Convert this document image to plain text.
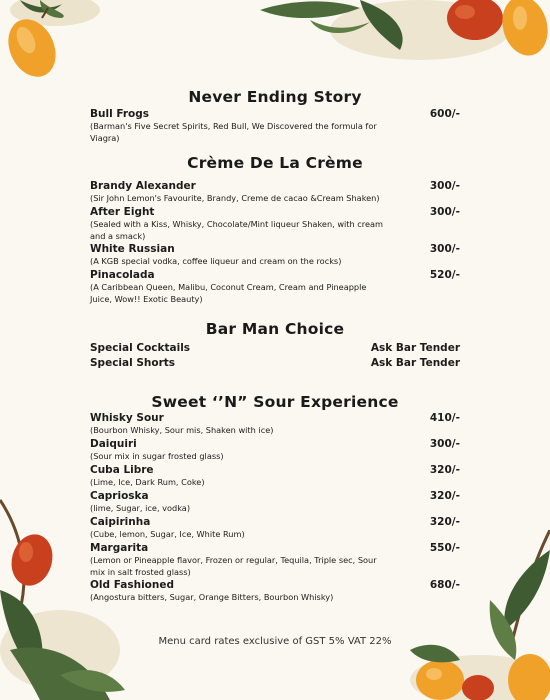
Never Ending Story
Bull Frogs	600/-
(Barman's Five Secret Spirits, Red Bull, We Discovered the formula for Viagra)
Crème De La Crème
Brandy Alexander	300/-
(Sir John Lemon's Favourite, Brandy, Creme de cacao &Cream Shaken)
After Eight	300/-
(Sealed with a Kiss, Whisky, Chocolate/Mint liqueur Shaken, with cream and a smack)
White Russian	300/-
(A KGB special vodka, coffee liqueur and cream on the rocks)
Pinacolada	520/-
(A Caribbean Queen, Malibu, Coconut Cream, Cream and Pineapple Juice, Wow!! Exotic Beauty)
Bar Man Choice
Special Cocktails	Ask Bar Tender
Special Shorts	Ask Bar Tender
Sweet ‘’N” Sour Experience
Whisky Sour	410/-
(Bourbon Whisky, Sour mis, Shaken with ice)
Daiquiri	300/-
(Sour mix in sugar frosted glass)
Cuba Libre	320/-
(Lime, Ice, Dark Rum, Coke)
Caprioska	320/-
(lime, Sugar, ice, vodka)
Caipirinha	320/-
(Cube, lemon, Sugar, Ice, White Rum)
Margarita	550/-
(Lemon or Pineapple flavor, Frozen or regular, Tequila, Triple sec, Sour mix in salt frosted glass)
Old Fashioned	680/-
(Angostura bitters, Sugar, Orange Bitters, Bourbon Whisky)
Menu card rates exclusive of GST 5% VAT 22%
